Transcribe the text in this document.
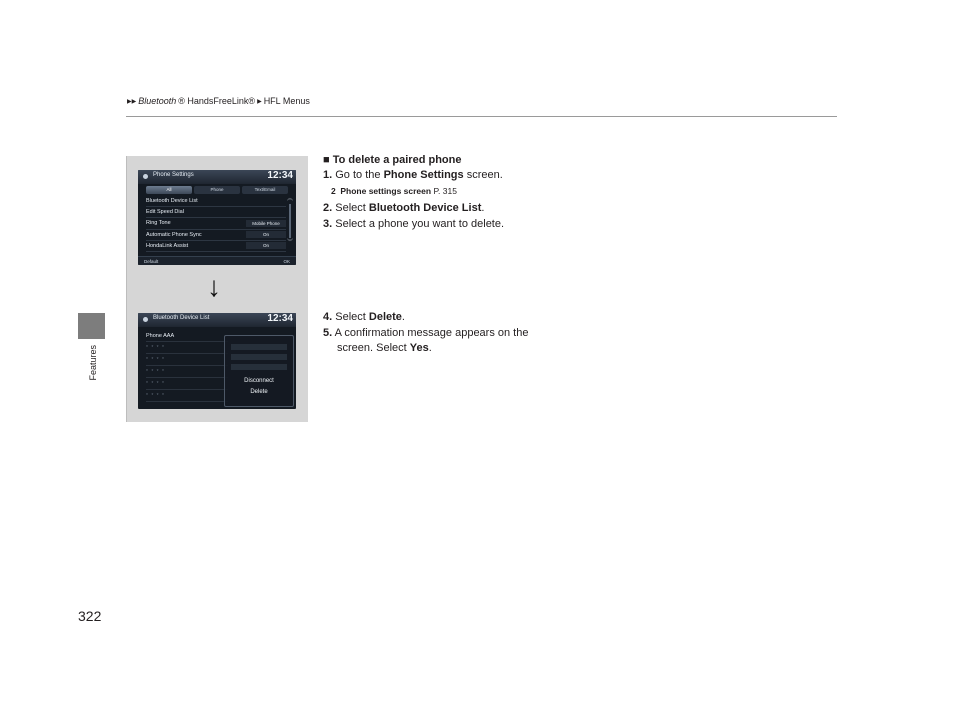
▶▶ Bluetooth ® HandsFreeLink® ▶ HFL Menus
Features
322
Phone Settings	12:34
All	Phone	Text/Email
Bluetooth Device List
Edit Speed Dial
Ring Tone	Mobile Phone
Automatic Phone Sync	On
HondaLink Assist	On
︽
︾
Default	OK
↓
Bluetooth Device List	12:34
Phone AAA
* * * *
* * * *
* * * *
* * * *
* * * *
Disconnect
Delete
■ To delete a paired phone
1. Go to the Phone Settings screen.
2 Phone settings screen P. 315
2. Select Bluetooth Device List.
3. Select a phone you want to delete.
4. Select Delete.
5. A confirmation message appears on the
screen. Select Yes.
